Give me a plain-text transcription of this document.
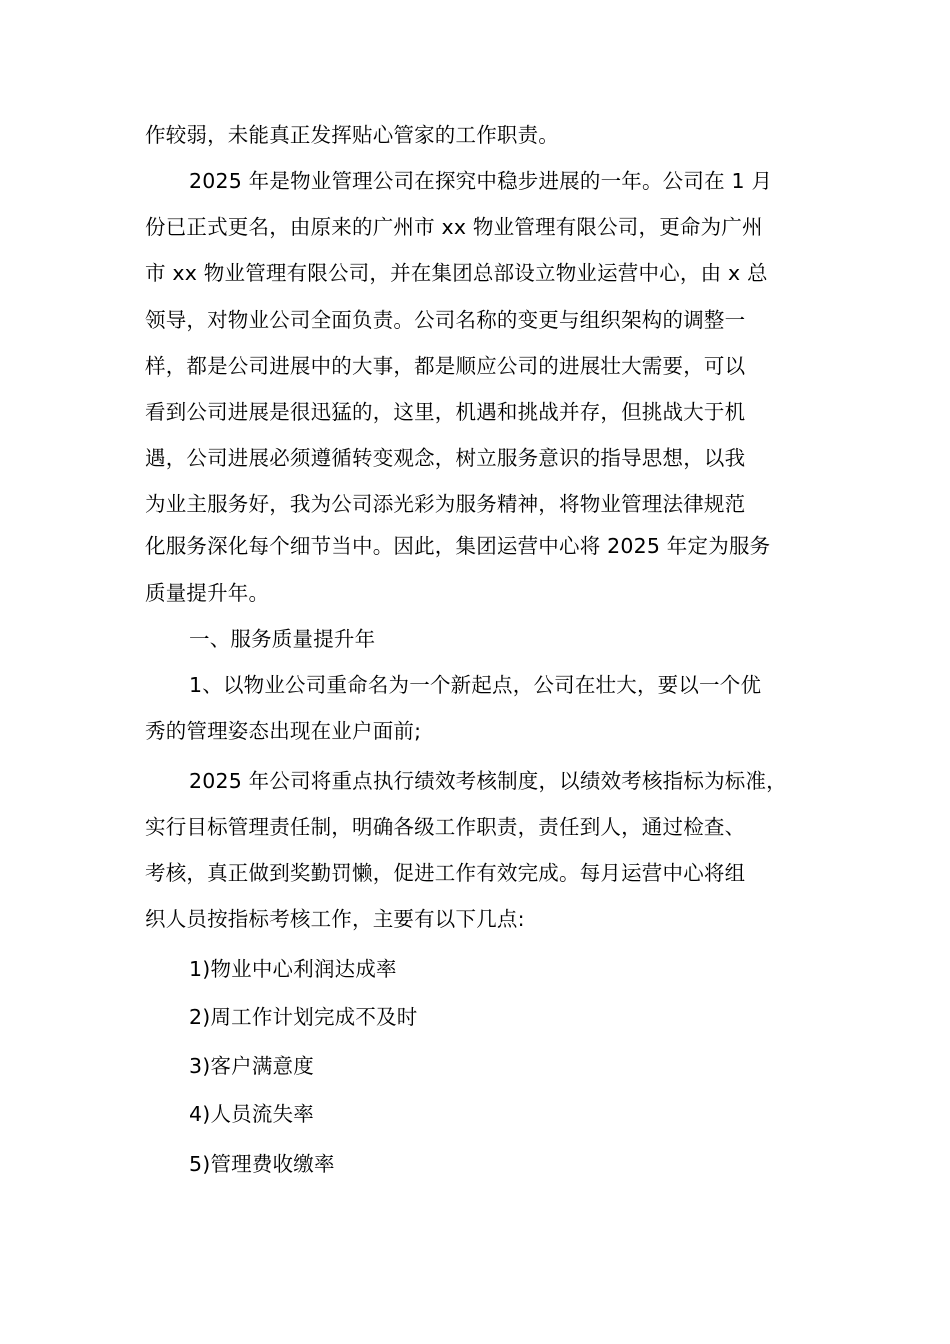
作较弱，未能真正发挥贴心管家的工作职责。
2025 年是物业管理公司在探究中稳步进展的一年。公司在 1 月
份已正式更名，由原来的广州市 xx 物业管理有限公司，更命为广州
市 xx 物业管理有限公司，并在集团总部设立物业运营中心，由 x 总
领导，对物业公司全面负责。公司名称的变更与组织架构的调整一
样，都是公司进展中的大事，都是顺应公司的进展壮大需要，可以
看到公司进展是很迅猛的，这里，机遇和挑战并存，但挑战大于机
遇，公司进展必须遵循转变观念，树立服务意识的指导思想，以我
为业主服务好，我为公司添光彩为服务精神，将物业管理法律规范
化服务深化每个细节当中。因此，集团运营中心将 2025 年定为服务
质量提升年。
一、服务质量提升年
1、以物业公司重命名为一个新起点，公司在壮大，要以一个优
秀的管理姿态出现在业户面前;
2025 年公司将重点执行绩效考核制度，以绩效考核指标为标准，
实行目标管理责任制，明确各级工作职责，责任到人，通过检查、
考核，真正做到奖勤罚懒，促进工作有效完成。每月运营中心将组
织人员按指标考核工作，主要有以下几点:
1)物业中心利润达成率
2)周工作计划完成不及时
3)客户满意度
4)人员流失率
5)管理费收缴率
